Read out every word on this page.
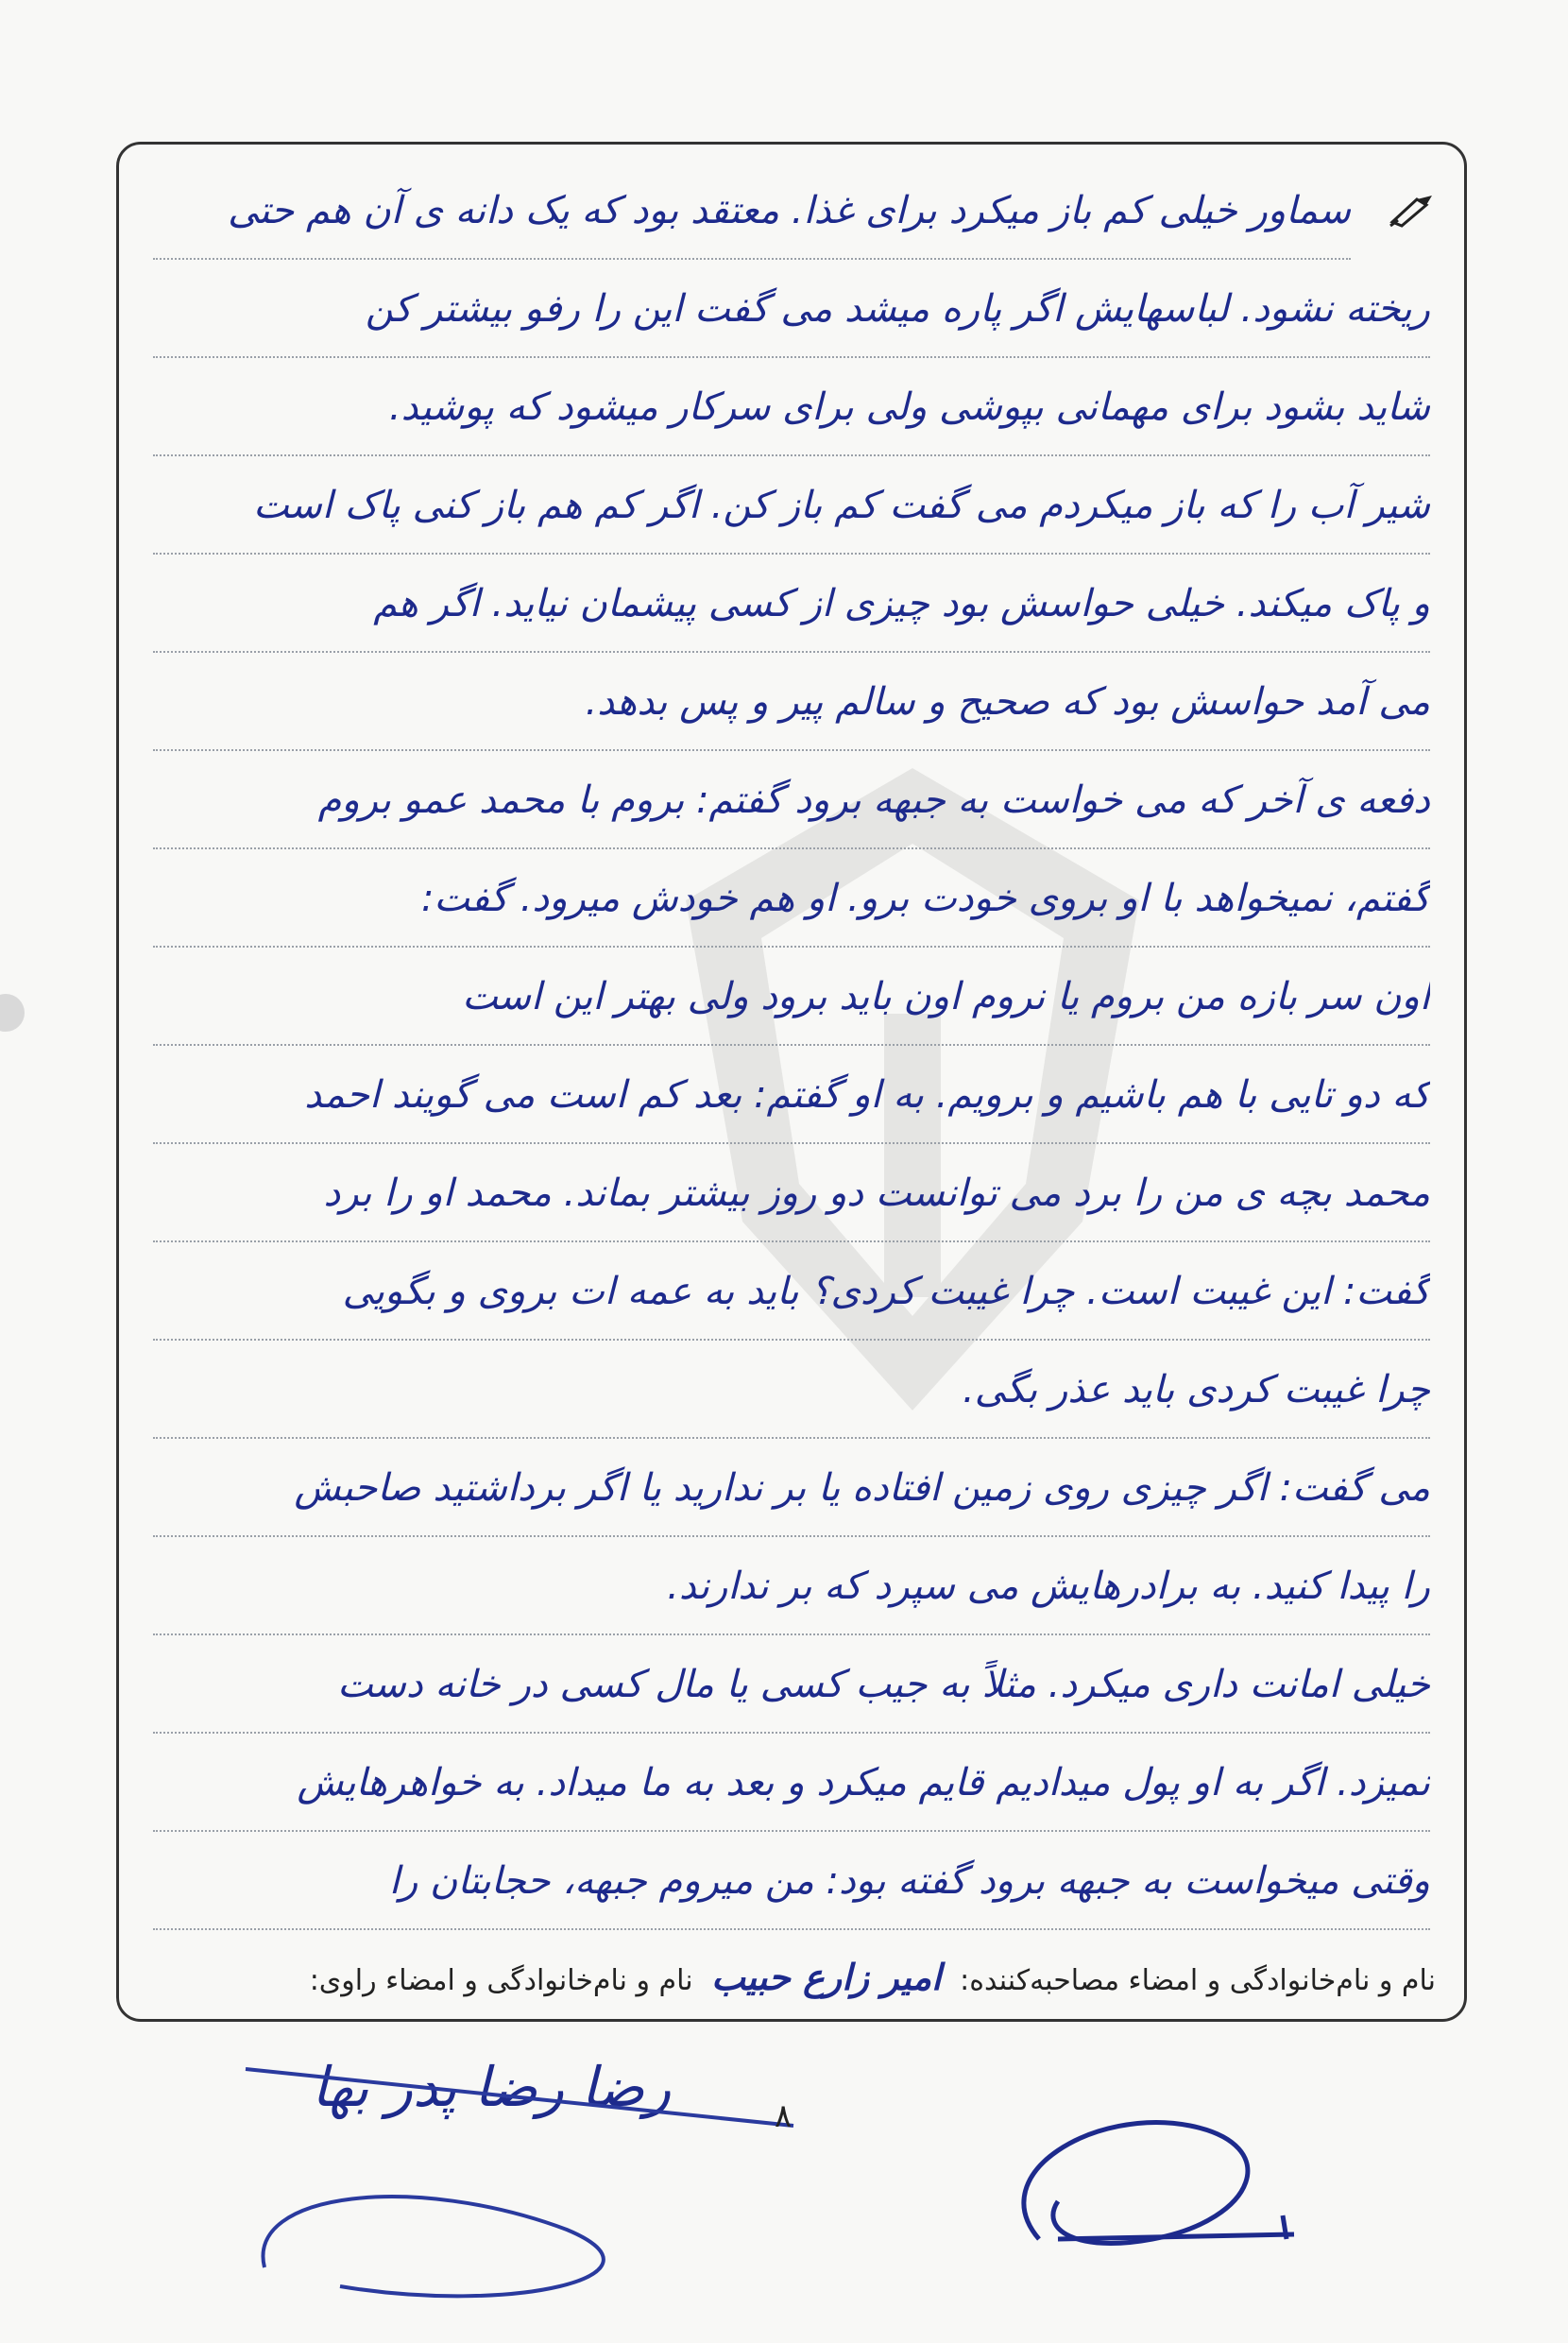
سماور خیلی کم باز میکرد برای غذا. معتقد بود که یک دانه ی آن هم حتی
ریخته نشود. لباسهایش اگر پاره میشد می گفت این را رفو بیشتر کن
شاید بشود برای مهمانی بپوشی ولی برای سرکار میشود که پوشید.
شیر آب را که باز میکردم می گفت کم باز کن. اگر کم هم باز کنی پاک است
و پاک میکند. خیلی حواسش بود چیزی از کسی پیشمان نیاید. اگر هم
می آمد حواسش بود که صحیح و سالم پیر و پس بدهد.
دفعه ی آخر که می خواست به جبهه برود گفتم: بروم با محمد عمو بروم
گفتم، نمیخواهد با او بروی خودت برو. او هم خودش میرود. گفت:
اون سر بازه من بروم یا نروم اون باید برود ولی بهتر این است
که دو تایی با هم باشیم و برویم. به او گفتم: بعد کم است می گویند احمد
محمد بچه ی من را برد می توانست دو روز بیشتر بماند. محمد او را برد
گفت: این غیبت است. چرا غیبت کردی؟ باید به عمه ات بروی و بگویی
چرا غیبت کردی باید عذر بگی.
می گفت: اگر چیزی روی زمین افتاده یا بر ندارید یا اگر برداشتید صاحبش
را پیدا کنید. به برادرهایش می سپرد که بر ندارند.
خیلی امانت داری میکرد. مثلاً به جیب کسی یا مال کسی در خانه دست
نمیزد. اگر به او پول میدادیم قایم میکرد و بعد به ما میداد. به خواهرهایش
وقتی میخواست به جبهه برود گفته بود: من میروم جبهه، حجابتان را
نام و نام‌خانوادگی و امضاء مصاحبه‌کننده: امیر زارع حبیب نام و نام‌خانوادگی و امضاء راوی:
رضا رضا پدر بها	۸
